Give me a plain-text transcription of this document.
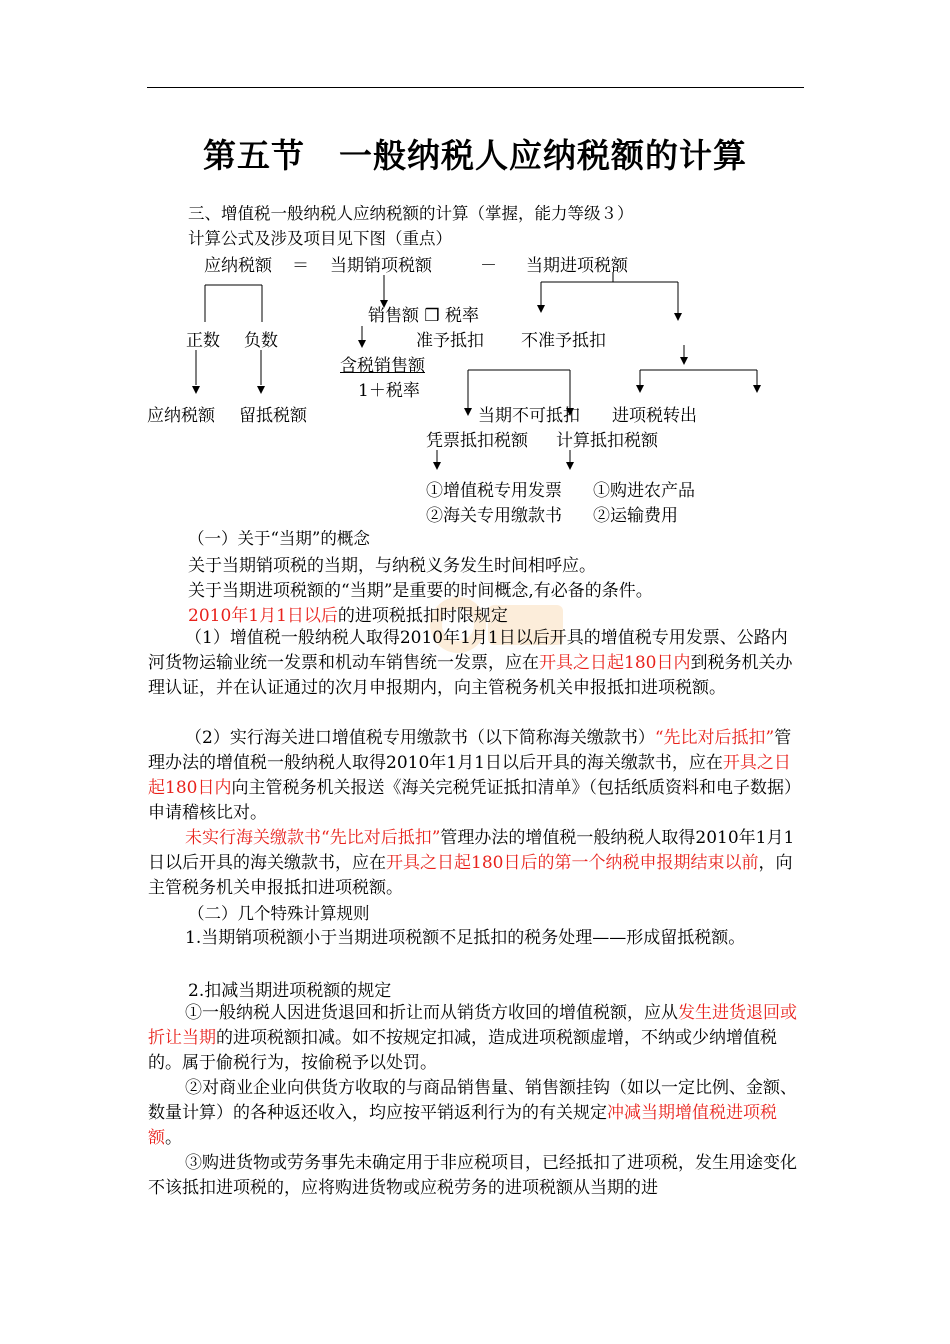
第五节　一般纳税人应纳税额的计算
三、增值税一般纳税人应纳税额的计算（掌握，能力等级３）
计算公式及涉及项目见下图（重点）
应纳税额 ＝ 当期销项税额	－ 当期进项税额
销售额 ❒ 税率
正数 负数	准予抵扣 不准予抵扣
含税销售额
1＋税率
应纳税额 留抵税额	当期不可抵扣 进项税转出
凭票抵扣税额 计算抵扣税额
①增值税专用发票 ①购进农产品
②海关专用缴款书 ②运输费用
（一）关于“当期”的概念
关于当期销项税的当期，与纳税义务发生时间相呼应。
关于当期进项税额的“当期”是重要的时间概念,有必备的条件。
2010年1月1日以后的进项税抵扣时限规定
（1）增值税一般纳税人取得2010年1月1日以后开具的增值税专用发票、公路内河货物运输业统一发票和机动车销售统一发票，应在开具之日起180日内到税务机关办理认证，并在认证通过的次月申报期内，向主管税务机关申报抵扣进项税额。
（2）实行海关进口增值税专用缴款书（以下简称海关缴款书）“先比对后抵扣”管理办法的增值税一般纳税人取得2010年1月1日以后开具的海关缴款书，应在开具之日起180日内向主管税务机关报送《海关完税凭证抵扣清单》（包括纸质资料和电子数据）申请稽核比对。
未实行海关缴款书“先比对后抵扣”管理办法的增值税一般纳税人取得2010年1月1日以后开具的海关缴款书，应在开具之日起180日后的第一个纳税申报期结束以前，向主管税务机关申报抵扣进项税额。
（二）几个特殊计算规则
1.当期销项税额小于当期进项税额不足抵扣的税务处理——形成留抵税额。
2.扣减当期进项税额的规定
①一般纳税人因进货退回和折让而从销货方收回的增值税额，应从发生进货退回或折让当期的进项税额扣减。如不按规定扣减，造成进项税额虚增，不纳或少纳增值税的。属于偷税行为，按偷税予以处罚。
②对商业企业向供货方收取的与商品销售量、销售额挂钩（如以一定比例、金额、数量计算）的各种返还收入，均应按平销返利行为的有关规定冲减当期增值税进项税额。
③购进货物或劳务事先未确定用于非应税项目，已经抵扣了进项税，发生用途变化不该抵扣进项税的，应将购进货物或应税劳务的进项税额从当期的进
